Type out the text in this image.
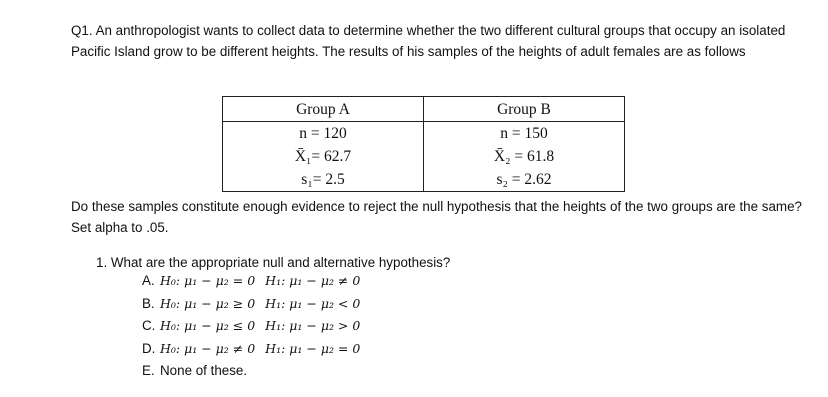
Q1. An anthropologist wants to collect data to determine whether the two different cultural groups that occupy an isolated Pacific Island grow to be different heights. The results of his samples of the heights of adult females are as follows

Group A	Group B
n = 120	n = 150
X̄₁= 62.7	X̄₂ = 61.8
s₁= 2.5	s₂ = 2.62

Do these samples constitute enough evidence to reject the null hypothesis that the heights of the two groups are the same? Set alpha to .05.

1. What are the appropriate null and alternative hypothesis?
A. H₀: μ₁ − μ₂ = 0 H₁: μ₁ − μ₂ ≠ 0
B. H₀: μ₁ − μ₂ ≥ 0 H₁: μ₁ − μ₂ < 0
C. H₀: μ₁ − μ₂ ≤ 0 H₁: μ₁ − μ₂ > 0
D. H₀: μ₁ − μ₂ ≠ 0 H₁: μ₁ − μ₂ = 0
E. None of these.
